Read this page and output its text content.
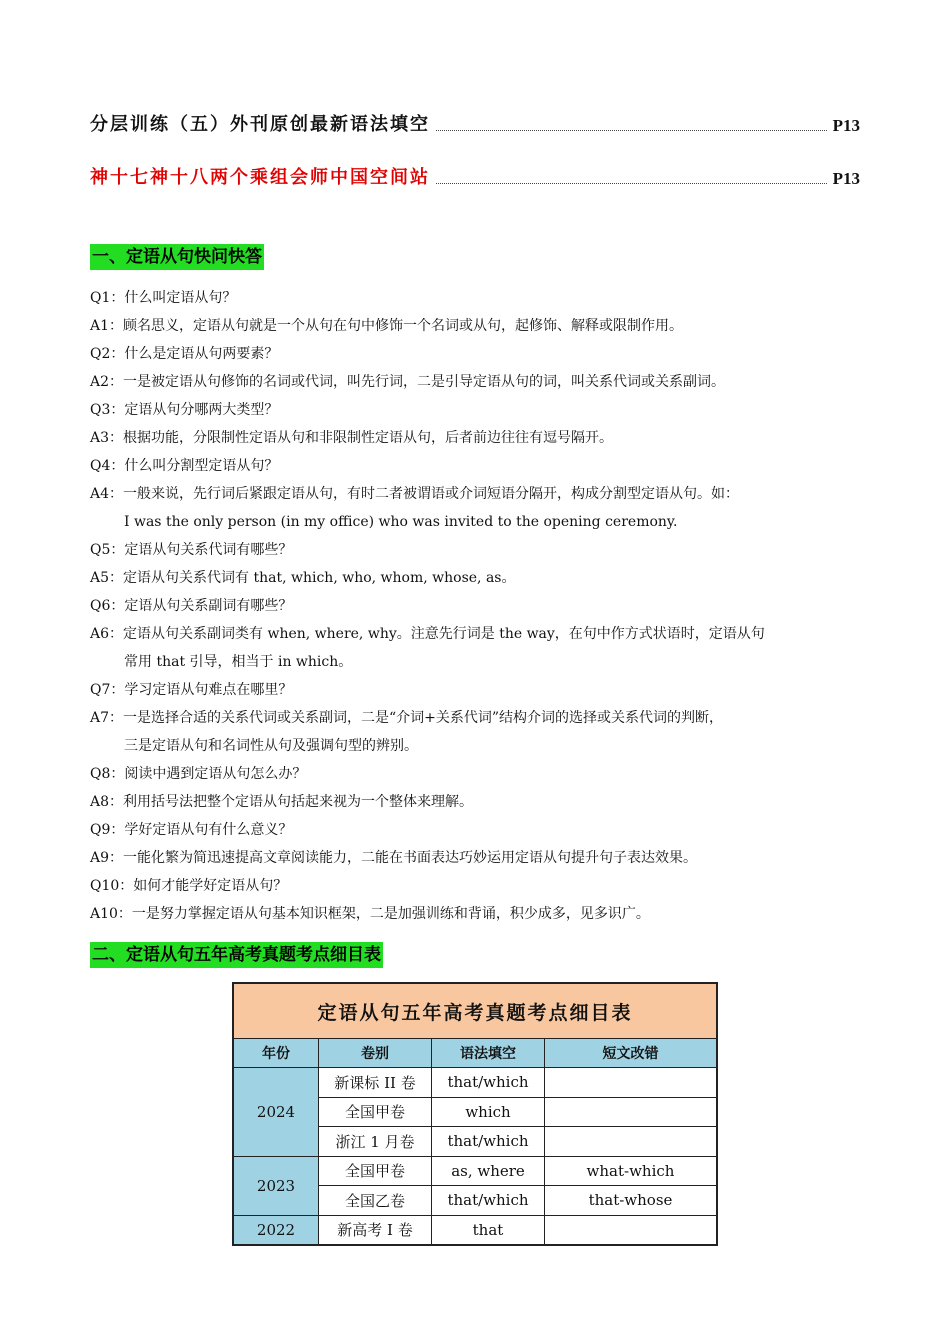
分层训练（五）外刊原创最新语法填空	P13
神十七神十八两个乘组会师中国空间站	P13
一、定语从句快问快答
Q1：什么叫定语从句？
A1：顾名思义，定语从句就是一个从句在句中修饰一个名词或从句，起修饰、解释或限制作用。
Q2：什么是定语从句两要素？
A2：一是被定语从句修饰的名词或代词，叫先行词，二是引导定语从句的词，叫关系代词或关系副词。
Q3：定语从句分哪两大类型？
A3：根据功能，分限制性定语从句和非限制性定语从句，后者前边往往有逗号隔开。
Q4：什么叫分割型定语从句？
A4：一般来说，先行词后紧跟定语从句，有时二者被谓语或介词短语分隔开，构成分割型定语从句。如：
I was the only person (in my office) who was invited to the opening ceremony.
Q5：定语从句关系代词有哪些？
A5：定语从句关系代词有 that, which, who, whom, whose, as。
Q6：定语从句关系副词有哪些？
A6：定语从句关系副词类有 when, where, why。注意先行词是 the way，在句中作方式状语时，定语从句
常用 that 引导，相当于 in which。
Q7：学习定语从句难点在哪里？
A7：一是选择合适的关系代词或关系副词，二是“介词+关系代词”结构介词的选择或关系代词的判断，
三是定语从句和名词性从句及强调句型的辨别。
Q8：阅读中遇到定语从句怎么办？
A8：利用括号法把整个定语从句括起来视为一个整体来理解。
Q9：学好定语从句有什么意义？
A9：一能化繁为简迅速提高文章阅读能力，二能在书面表达巧妙运用定语从句提升句子表达效果。
Q10：如何才能学好定语从句？
A10：一是努力掌握定语从句基本知识框架，二是加强训练和背诵，积少成多，见多识广。
二、定语从句五年高考真题考点细目表
定语从句五年高考真题考点细目表			
年份	卷别	语法填空	短文改错
2024	新课标 II 卷	that/which	
	全国甲卷	which	
	浙江 1 月卷	that/which	
2023	全国甲卷	as, where	what-which
	全国乙卷	that/which	that-whose
2022	新高考 I 卷	that	
